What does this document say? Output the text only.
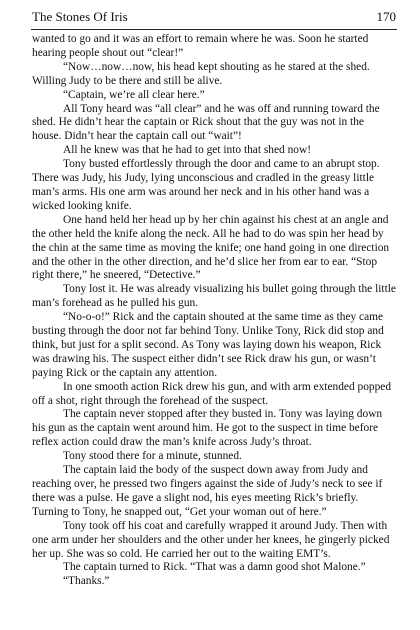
The Stones Of Iris	170

wanted to go and it was an effort to remain where he was. Soon he started hearing people shout out “clear!”

“Now…now…now, his head kept shouting as he stared at the shed. Willing Judy to be there and still be alive.

“Captain, we’re all clear here.”

All Tony heard was “all clear” and he was off and running toward the shed. He didn’t hear the captain or Rick shout that the guy was not in the house. Didn’t hear the captain call out “wait”!

All he knew was that he had to get into that shed now!

Tony busted effortlessly through the door and came to an abrupt stop. There was Judy, his Judy, lying unconscious and cradled in the greasy little man’s arms. His one arm was around her neck and in his other hand was a wicked looking knife.

One hand held her head up by her chin against his chest at an angle and the other held the knife along the neck. All he had to do was spin her head by the chin at the same time as moving the knife; one hand going in one direction and the other in the other direction, and he’d slice her from ear to ear. “Stop right there,” he sneered, “Detective.”

Tony lost it. He was already visualizing his bullet going through the little man’s forehead as he pulled his gun.

“No-o-o!” Rick and the captain shouted at the same time as they came busting through the door not far behind Tony. Unlike Tony, Rick did stop and think, but just for a split second. As Tony was laying down his weapon, Rick was drawing his. The suspect either didn’t see Rick draw his gun, or wasn’t paying Rick or the captain any attention.

In one smooth action Rick drew his gun, and with arm extended popped off a shot, right through the forehead of the suspect.

The captain never stopped after they busted in. Tony was laying down his gun as the captain went around him. He got to the suspect in time before reflex action could draw the man’s knife across Judy’s throat.

Tony stood there for a minute, stunned.

The captain laid the body of the suspect down away from Judy and reaching over, he pressed two fingers against the side of Judy’s neck to see if there was a pulse. He gave a slight nod, his eyes meeting Rick’s briefly. Turning to Tony, he snapped out, “Get your woman out of here.”

Tony took off his coat and carefully wrapped it around Judy. Then with one arm under her shoulders and the other under her knees, he gingerly picked her up. She was so cold. He carried her out to the waiting EMT’s.

The captain turned to Rick. “That was a damn good shot Malone.”

“Thanks.”
